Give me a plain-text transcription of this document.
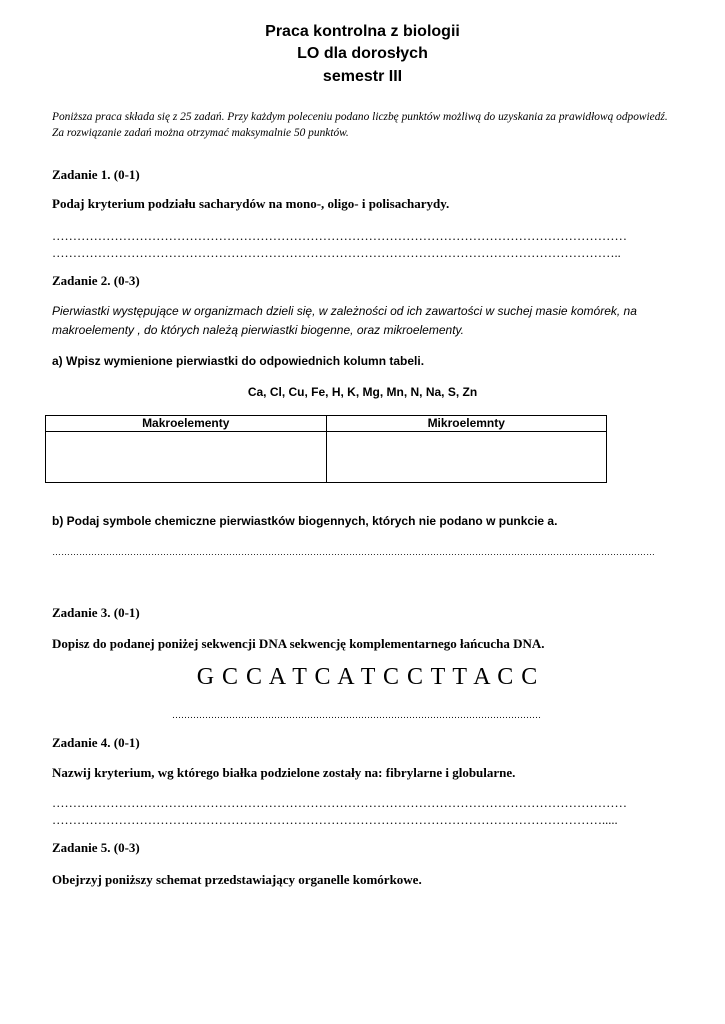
Praca kontrolna z biologii
LO dla dorosłych
semestr III
Poniższa praca składa się z 25 zadań. Przy każdym poleceniu podano liczbę punktów możliwą do uzyskania za prawidłową odpowiedź. Za rozwiązanie zadań można otrzymać maksymalnie 50 punktów.
Zadanie 1. (0-1)
Podaj kryterium podziału sacharydów na mono-, oligo- i polisacharydy.
…………………………………………………………………………………………………………………………
………………………………………………………………………………………………………………………..
Zadanie 2. (0-3)
Pierwiastki występujące w organizmach dzieli się, w zależności od ich zawartości w suchej masie komórek, na makroelementy , do których należą pierwiastki biogenne, oraz mikroelementy.
a) Wpisz wymienione pierwiastki do odpowiednich kolumn tabeli.
Ca, Cl, Cu, Fe, H, K, Mg, Mn, N, Na, S, Zn
Makroelementy	Mikroelemnty

b) Podaj symbole chemiczne pierwiastków biogennych, których nie podano w punkcie a.
…………………………………………………………………………………………………………………………………………………………………………………
Zadanie 3. (0-1)
Dopisz do podanej poniżej sekwencji DNA sekwencję komplementarnego łańcucha DNA.
G C C A T C A T C C T T A C C
……………………………………………………………………………………………………………
Zadanie 4. (0-1)
Nazwij kryterium, wg którego białka podzielone zostały na: fibrylarne i globularne.
…………………………………………………………………………………………………………………………
…………………………………………………………………………………………………………………….....
Zadanie 5. (0-3)
Obejrzyj poniższy schemat przedstawiający organelle komórkowe.
